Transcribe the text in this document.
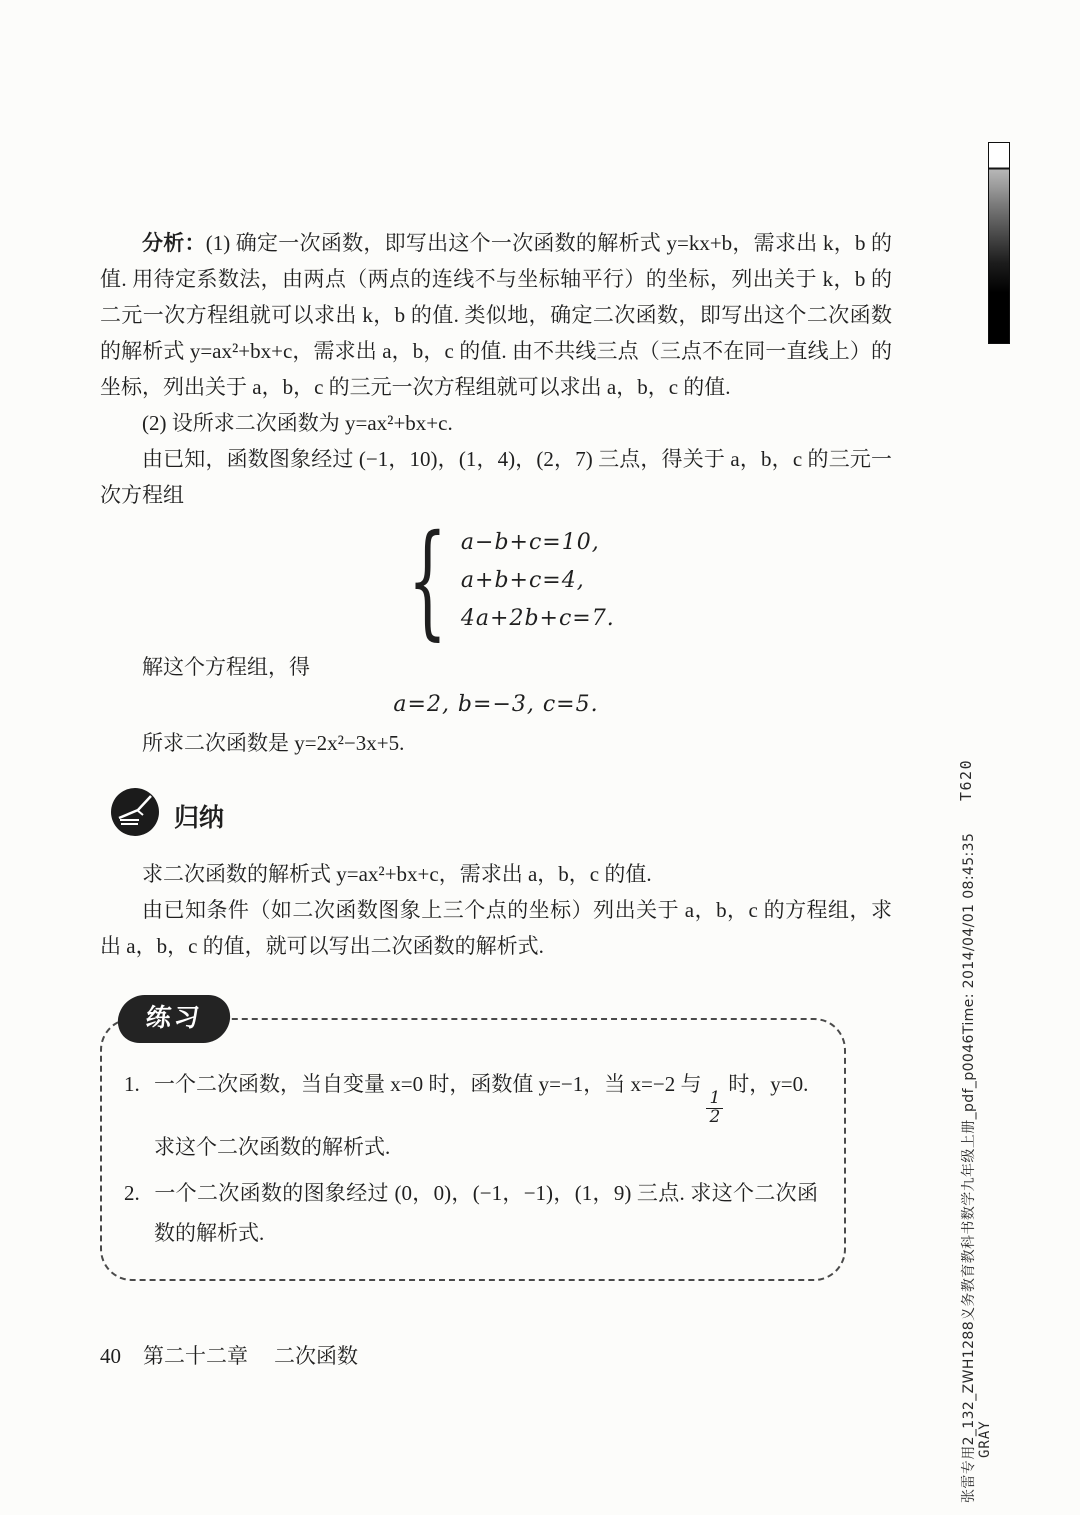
分析：(1) 确定一次函数，即写出这个一次函数的解析式 y=kx+b，需求出 k，b 的值. 用待定系数法，由两点（两点的连线不与坐标轴平行）的坐标，列出关于 k，b 的二元一次方程组就可以求出 k，b 的值. 类似地，确定二次函数，即写出这个二次函数的解析式 y=ax²+bx+c，需求出 a，b，c 的值. 由不共线三点（三点不在同一直线上）的坐标，列出关于 a，b，c 的三元一次方程组就可以求出 a，b，c 的值.

(2) 设所求二次函数为 y=ax²+bx+c.

由已知，函数图象经过 (−1，10)，(1，4)，(2，7) 三点，得关于 a，b，c 的三元一次方程组

{ a−b+c=10,
a+b+c=4,
4a+2b+c=7.

解这个方程组，得

a=2, b=−3, c=5.

所求二次函数是 y=2x²−3x+5.

归纳

求二次函数的解析式 y=ax²+bx+c，需求出 a，b，c 的值.

由已知条件（如二次函数图象上三个点的坐标）列出关于 a，b，c 的方程组，求出 a，b，c 的值，就可以写出二次函数的解析式.

练习
1. 一个二次函数，当自变量 x=0 时，函数值 y=−1，当 x=−2 与
$\frac{1}{2}$
时，y=0.
求这个二次函数的解析式.
2. 一个二次函数的图象经过 (0，0)，(−1，−1)，(1，9) 三点. 求这个二次函数的解析式.
40 第二十二章 二次函数
T620
张雷专用2_132_ZWH1288义务教育教科书数学九年级上册_pdf_p0046Time: 2014/04/01 08:45:35 GRAY
